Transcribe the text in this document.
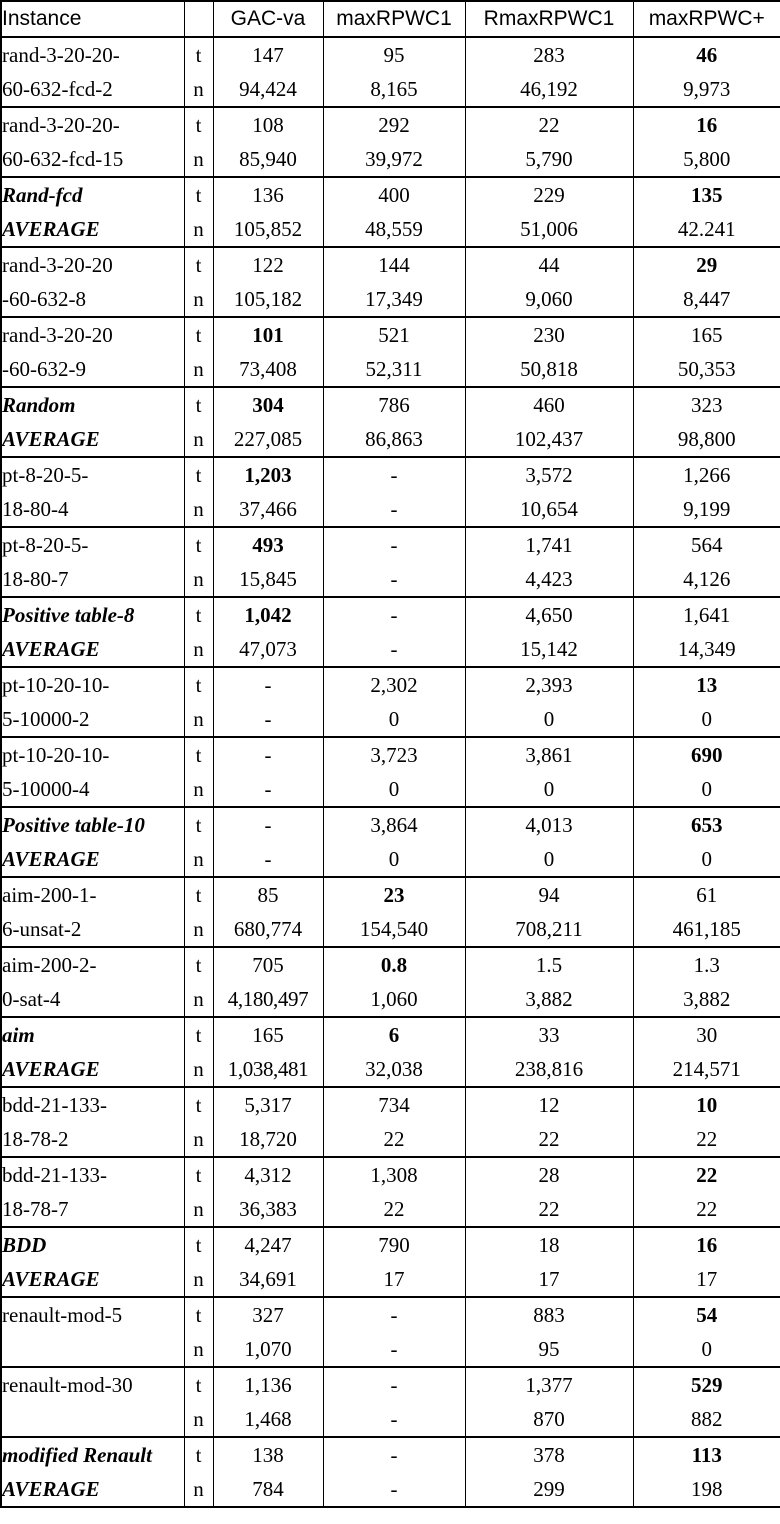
Instance		GAC-va	maxRPWC1	RmaxRPWC1	maxRPWC+
rand-3-20-20-	t	147	95	283	46
60-632-fcd-2	n	94,424	8,165	46,192	9,973
rand-3-20-20-	t	108	292	22	16
60-632-fcd-15	n	85,940	39,972	5,790	5,800
Rand-fcd	t	136	400	229	135
AVERAGE	n	105,852	48,559	51,006	42.241
rand-3-20-20	t	122	144	44	29
-60-632-8	n	105,182	17,349	9,060	8,447
rand-3-20-20	t	101	521	230	165
-60-632-9	n	73,408	52,311	50,818	50,353
Random	t	304	786	460	323
AVERAGE	n	227,085	86,863	102,437	98,800
pt-8-20-5-	t	1,203	-	3,572	1,266
18-80-4	n	37,466	-	10,654	9,199
pt-8-20-5-	t	493	-	1,741	564
18-80-7	n	15,845	-	4,423	4,126
Positive table-8	t	1,042	-	4,650	1,641
AVERAGE	n	47,073	-	15,142	14,349
pt-10-20-10-	t	-	2,302	2,393	13
5-10000-2	n	-	0	0	0
pt-10-20-10-	t	-	3,723	3,861	690
5-10000-4	n	-	0	0	0
Positive table-10	t	-	3,864	4,013	653
AVERAGE	n	-	0	0	0
aim-200-1-	t	85	23	94	61
6-unsat-2	n	680,774	154,540	708,211	461,185
aim-200-2-	t	705	0.8	1.5	1.3
0-sat-4	n	4,180,497	1,060	3,882	3,882
aim	t	165	6	33	30
AVERAGE	n	1,038,481	32,038	238,816	214,571
bdd-21-133-	t	5,317	734	12	10
18-78-2	n	18,720	22	22	22
bdd-21-133-	t	4,312	1,308	28	22
18-78-7	n	36,383	22	22	22
BDD	t	4,247	790	18	16
AVERAGE	n	34,691	17	17	17
renault-mod-5	t	327	-	883	54
	n	1,070	-	95	0
renault-mod-30	t	1,136	-	1,377	529
	n	1,468	-	870	882
modified Renault	t	138	-	378	113
AVERAGE	n	784	-	299	198
